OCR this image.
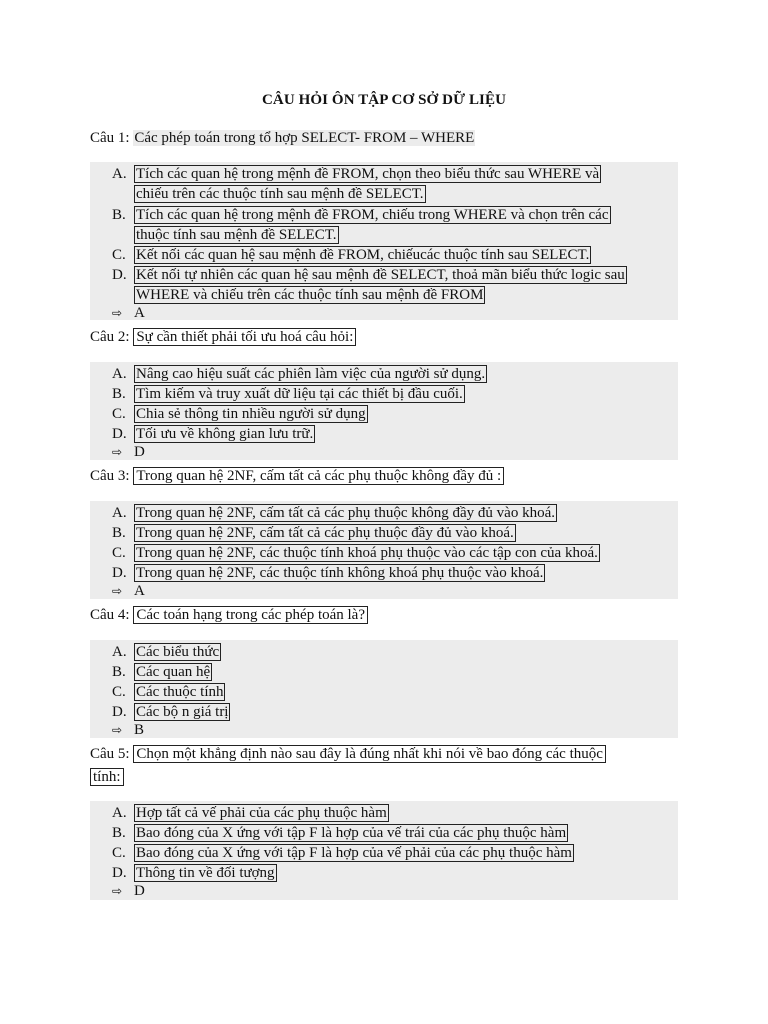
CÂU HỎI ÔN TẬP CƠ SỞ DỮ LIỆU
Câu 1: Các phép toán trong tổ hợp SELECT- FROM – WHERE
A. Tích các quan hệ trong mệnh đề FROM, chọn theo biểu thức sau WHERE và
chiếu trên các thuộc tính sau mệnh đề SELECT.
B. Tích các quan hệ trong mệnh đề FROM, chiếu trong WHERE và chọn trên các
thuộc tính sau mệnh đề SELECT.
C. Kết nối các quan hệ sau mệnh đề FROM, chiếucác thuộc tính sau SELECT.
D. Kết nối tự nhiên các quan hệ sau mệnh đề SELECT, thoả mãn biểu thức logic sau
WHERE và chiếu trên các thuộc tính sau mệnh đề FROM
⇨ A
Câu 2: Sự cần thiết phải tối ưu hoá câu hỏi:
A. Nâng cao hiệu suất các phiên làm việc của người sử dụng.
B. Tìm kiếm và truy xuất dữ liệu tại các thiết bị đầu cuối.
C. Chia sẻ thông tin nhiều người sử dụng
D. Tối ưu về không gian lưu trữ.
⇨ D
Câu 3: Trong quan hệ 2NF, cấm tất cả các phụ thuộc không đầy đủ :
A. Trong quan hệ 2NF, cấm tất cả các phụ thuộc không đầy đủ vào khoá.
B. Trong quan hệ 2NF, cấm tất cả các phụ thuộc đầy đủ vào khoá.
C. Trong quan hệ 2NF, các thuộc tính khoá phụ thuộc vào các tập con của khoá.
D. Trong quan hệ 2NF, các thuộc tính không khoá phụ thuộc vào khoá.
⇨ A
Câu 4: Các toán hạng trong các phép toán là?
A. Các biểu thức
B. Các quan hệ
C. Các thuộc tính
D. Các bộ n giá trị
⇨ B
Câu 5: Chọn một khẳng định nào sau đây là đúng nhất khi nói về bao đóng các thuộc
tính:
A. Hợp tất cả vế phải của các phụ thuộc hàm
B. Bao đóng của X ứng với tập F là hợp của vế trái của các phụ thuộc hàm
C. Bao đóng của X ứng với tập F là hợp của vế phải của các phụ thuộc hàm
D. Thông tin về đối tượng
⇨ D
